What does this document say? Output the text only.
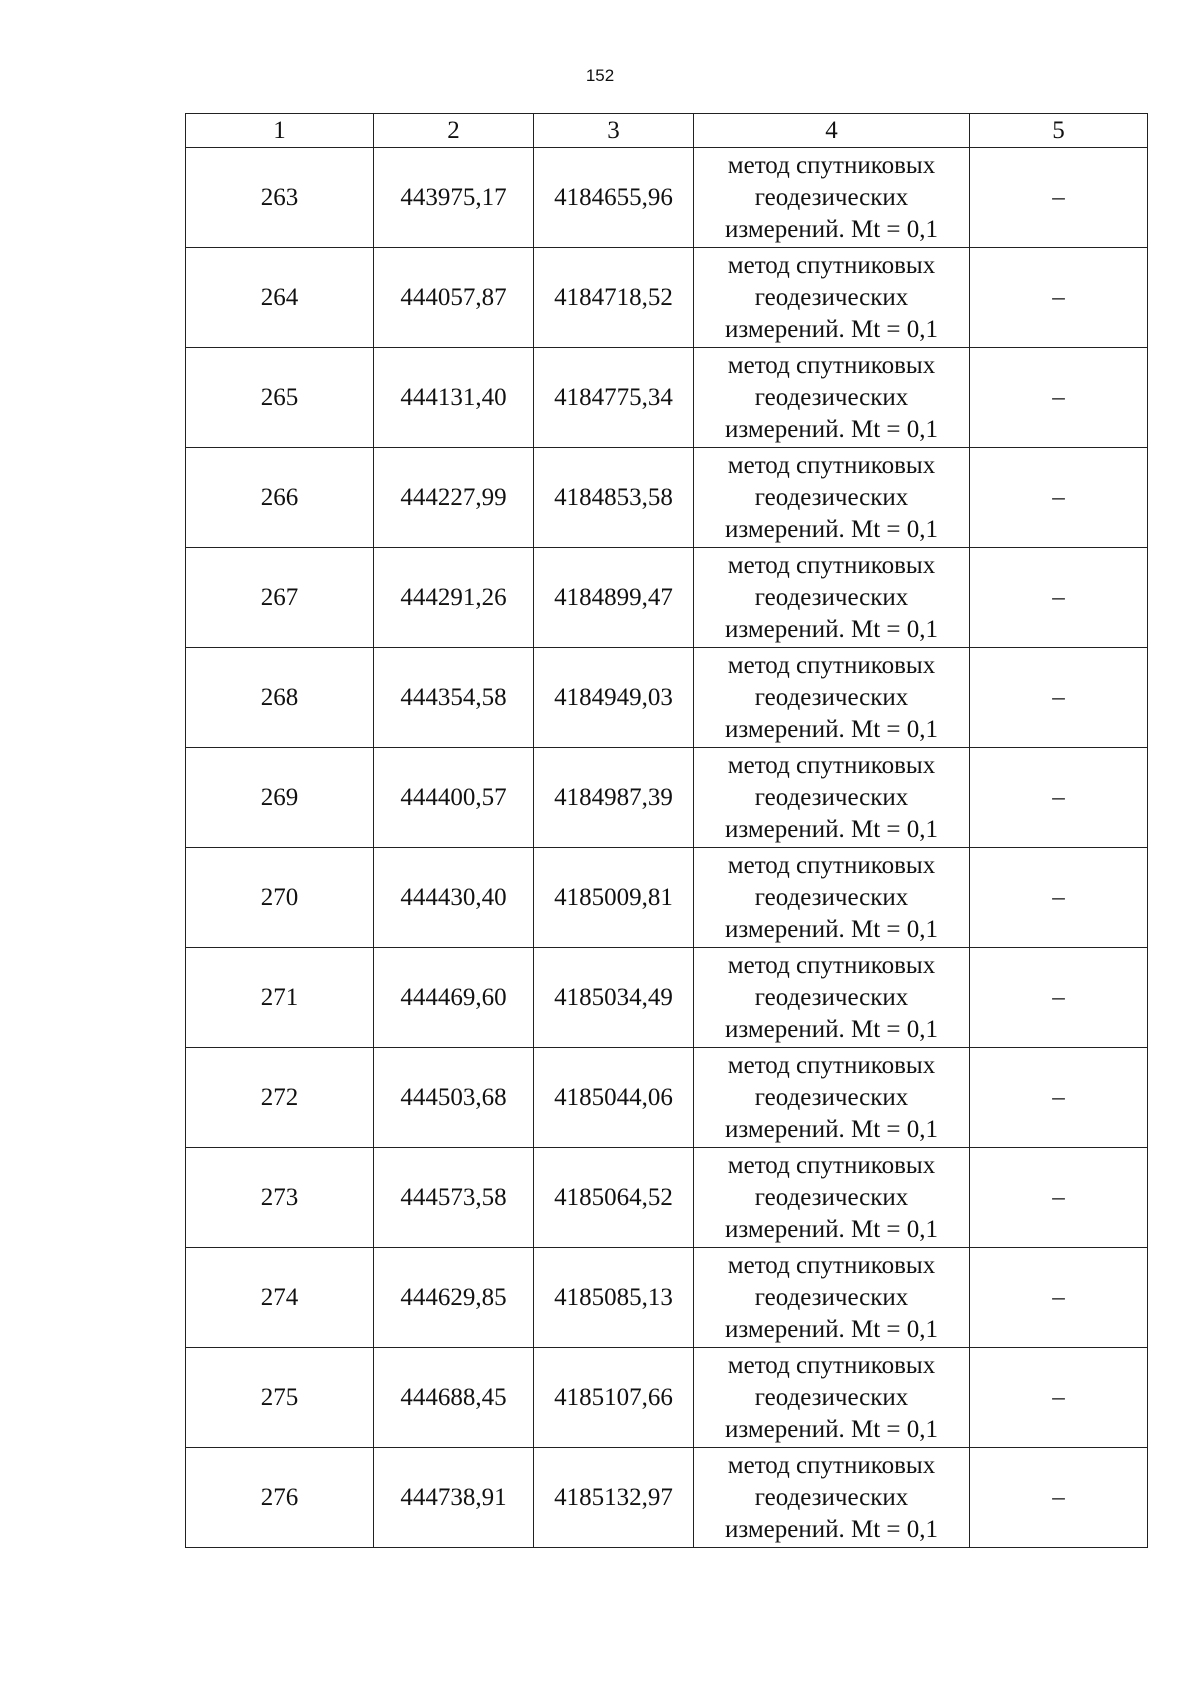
152
1	2	3	4	5
263	443975,17	4184655,96	метод спутниковых
геодезических
измерений. Mt = 0,1	–
264	444057,87	4184718,52	метод спутниковых
геодезических
измерений. Mt = 0,1	–
265	444131,40	4184775,34	метод спутниковых
геодезических
измерений. Mt = 0,1	–
266	444227,99	4184853,58	метод спутниковых
геодезических
измерений. Mt = 0,1	–
267	444291,26	4184899,47	метод спутниковых
геодезических
измерений. Mt = 0,1	–
268	444354,58	4184949,03	метод спутниковых
геодезических
измерений. Mt = 0,1	–
269	444400,57	4184987,39	метод спутниковых
геодезических
измерений. Mt = 0,1	–
270	444430,40	4185009,81	метод спутниковых
геодезических
измерений. Mt = 0,1	–
271	444469,60	4185034,49	метод спутниковых
геодезических
измерений. Mt = 0,1	–
272	444503,68	4185044,06	метод спутниковых
геодезических
измерений. Mt = 0,1	–
273	444573,58	4185064,52	метод спутниковых
геодезических
измерений. Mt = 0,1	–
274	444629,85	4185085,13	метод спутниковых
геодезических
измерений. Mt = 0,1	–
275	444688,45	4185107,66	метод спутниковых
геодезических
измерений. Mt = 0,1	–
276	444738,91	4185132,97	метод спутниковых
геодезических
измерений. Mt = 0,1	–
